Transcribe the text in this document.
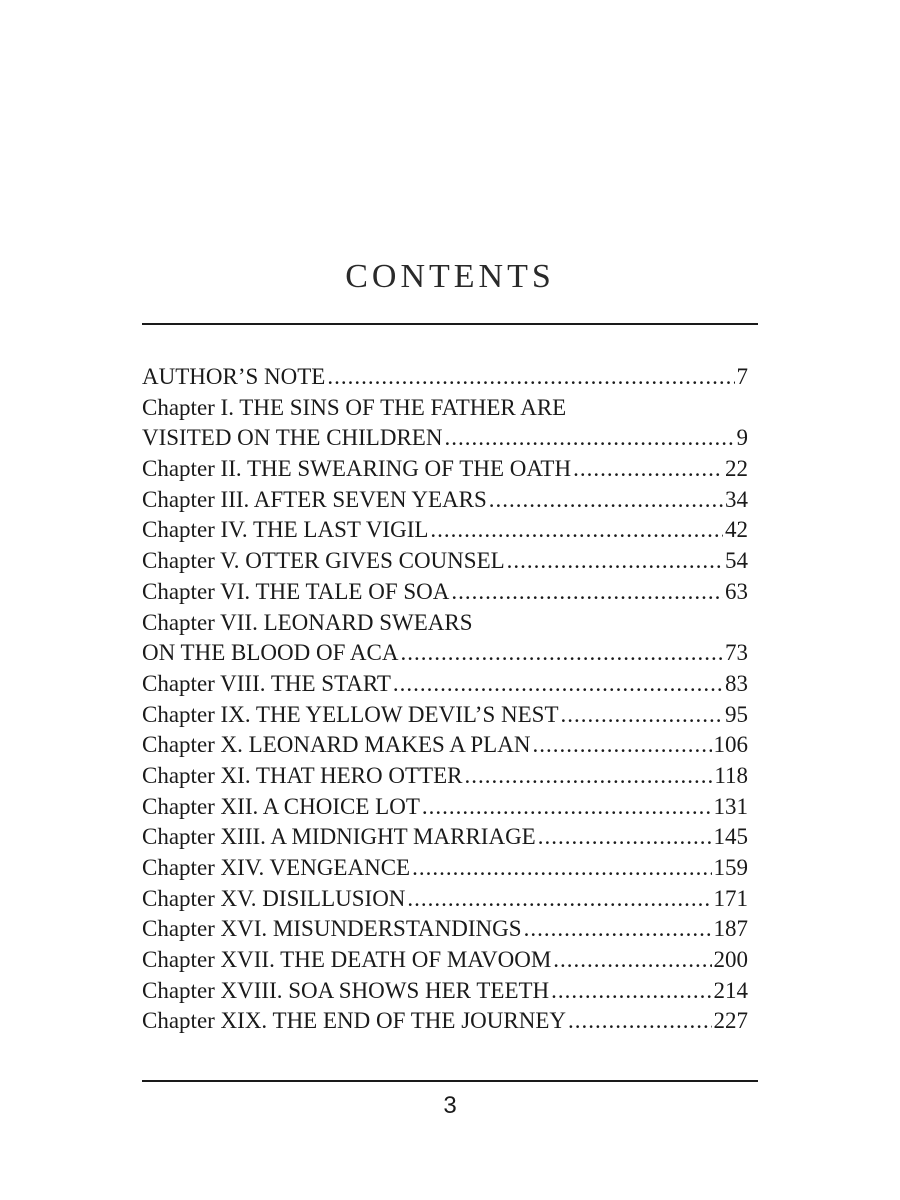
CONTENTS
AUTHOR’S NOTE .....	7
Chapter I. THE SINS OF THE FATHER ARE
VISITED ON THE CHILDREN .....	9
Chapter II. THE SWEARING OF THE OATH .....	22
Chapter III. AFTER SEVEN YEARS .....	34
Chapter IV. THE LAST VIGIL .....	42
Chapter V. OTTER GIVES COUNSEL .....	54
Chapter VI. THE TALE OF SOA .....	63
Chapter VII. LEONARD SWEARS
ON THE BLOOD OF ACA .....	73
Chapter VIII. THE START .....	83
Chapter IX. THE YELLOW DEVIL’S NEST .....	95
Chapter X. LEONARD MAKES A PLAN .....	106
Chapter XI. THAT HERO OTTER .....	118
Chapter XII. A CHOICE LOT .....	131
Chapter XIII. A MIDNIGHT MARRIAGE .....	145
Chapter XIV. VENGEANCE .....	159
Chapter XV. DISILLUSION .....	171
Chapter XVI. MISUNDERSTANDINGS .....	187
Chapter XVII. THE DEATH OF MAVOOM .....	200
Chapter XVIII. SOA SHOWS HER TEETH .....	214
Chapter XIX. THE END OF THE JOURNEY .....	227
3
